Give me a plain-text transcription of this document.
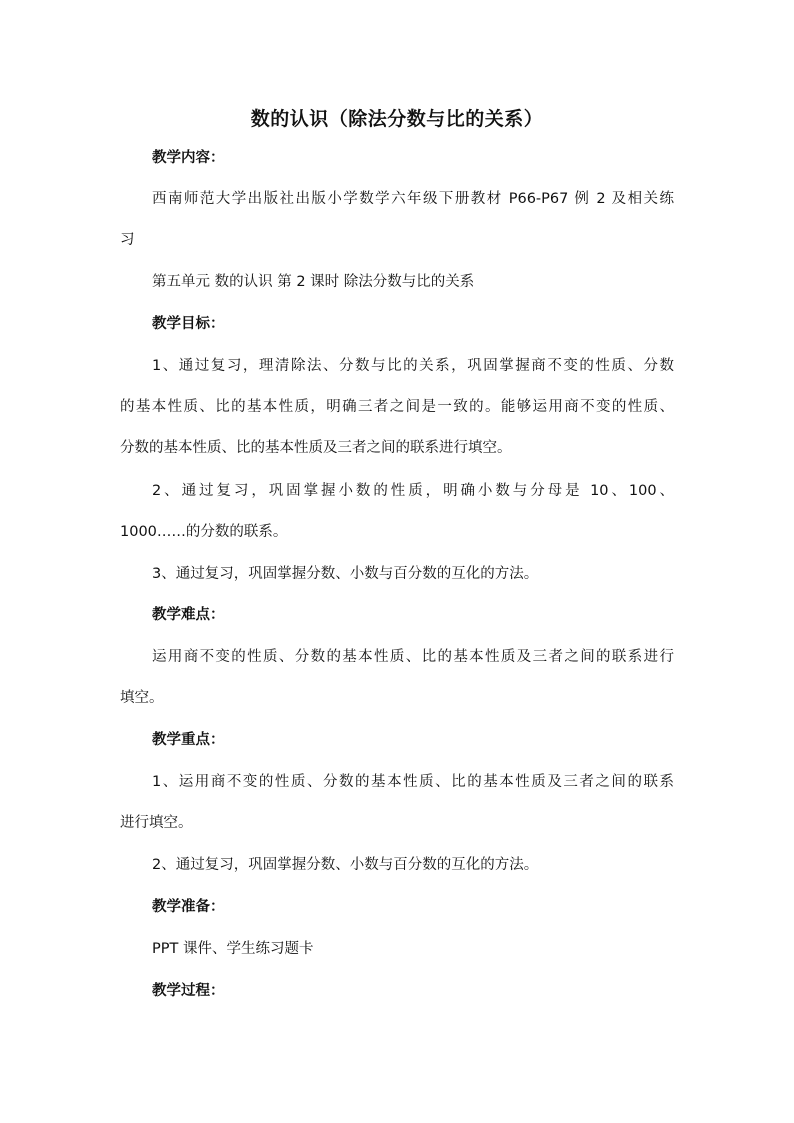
数的认识（除法分数与比的关系）
教学内容：
西南师范大学出版社出版小学数学六年级下册教材 P66-P67 例 2 及相关练
习
第五单元 数的认识 第 2 课时 除法分数与比的关系
教学目标：
1、通过复习，理清除法、分数与比的关系，巩固掌握商不变的性质、分数
的基本性质、比的基本性质，明确三者之间是一致的。能够运用商不变的性质、
分数的基本性质、比的基本性质及三者之间的联系进行填空。
2、通过复习，巩固掌握小数的性质，明确小数与分母是 10、100、
1000……的分数的联系。
3、通过复习，巩固掌握分数、小数与百分数的互化的方法。
教学难点：
运用商不变的性质、分数的基本性质、比的基本性质及三者之间的联系进行
填空。
教学重点：
1、运用商不变的性质、分数的基本性质、比的基本性质及三者之间的联系
进行填空。
2、通过复习，巩固掌握分数、小数与百分数的互化的方法。
教学准备：
PPT 课件、学生练习题卡
教学过程：
